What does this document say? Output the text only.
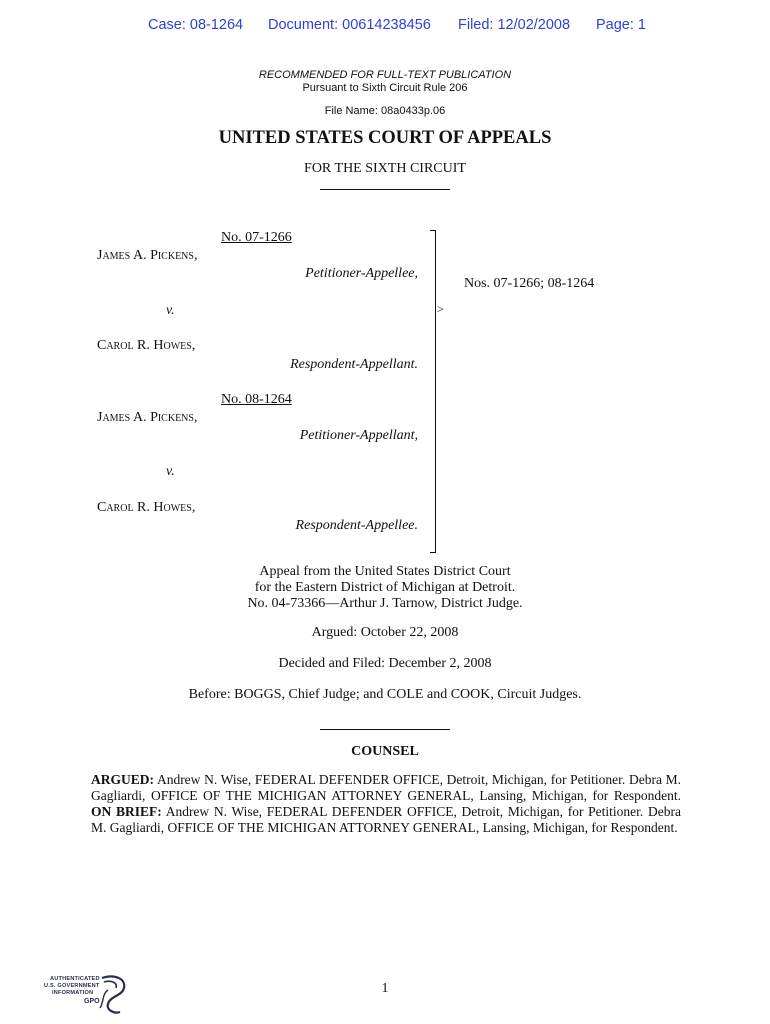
Case: 08-1264 Document: 00614238456 Filed: 12/02/2008 Page: 1
RECOMMENDED FOR FULL-TEXT PUBLICATION
Pursuant to Sixth Circuit Rule 206
File Name: 08a0433p.06
UNITED STATES COURT OF APPEALS
FOR THE SIXTH CIRCUIT
No. 07-1266
James A. Pickens,
Petitioner-Appellee,
v.
Carol R. Howes,
Respondent-Appellant.
No. 08-1264
James A. Pickens,
Petitioner-Appellant,
v.
Carol R. Howes,
Respondent-Appellee.
>
Nos. 07-1266; 08-1264
Appeal from the United States District Court
for the Eastern District of Michigan at Detroit.
No. 04-73366—Arthur J. Tarnow, District Judge.
Argued: October 22, 2008
Decided and Filed: December 2, 2008
Before: BOGGS, Chief Judge; and COLE and COOK, Circuit Judges.
COUNSEL
ARGUED: Andrew N. Wise, FEDERAL DEFENDER OFFICE, Detroit, Michigan, for Petitioner. Debra M. Gagliardi, OFFICE OF THE MICHIGAN ATTORNEY GENERAL, Lansing, Michigan, for Respondent. ON BRIEF: Andrew N. Wise, FEDERAL DEFENDER OFFICE, Detroit, Michigan, for Petitioner. Debra M. Gagliardi, OFFICE OF THE MICHIGAN ATTORNEY GENERAL, Lansing, Michigan, for Respondent.
1
AUTHENTICATED
U.S. GOVERNMENT
INFORMATION
GPO
